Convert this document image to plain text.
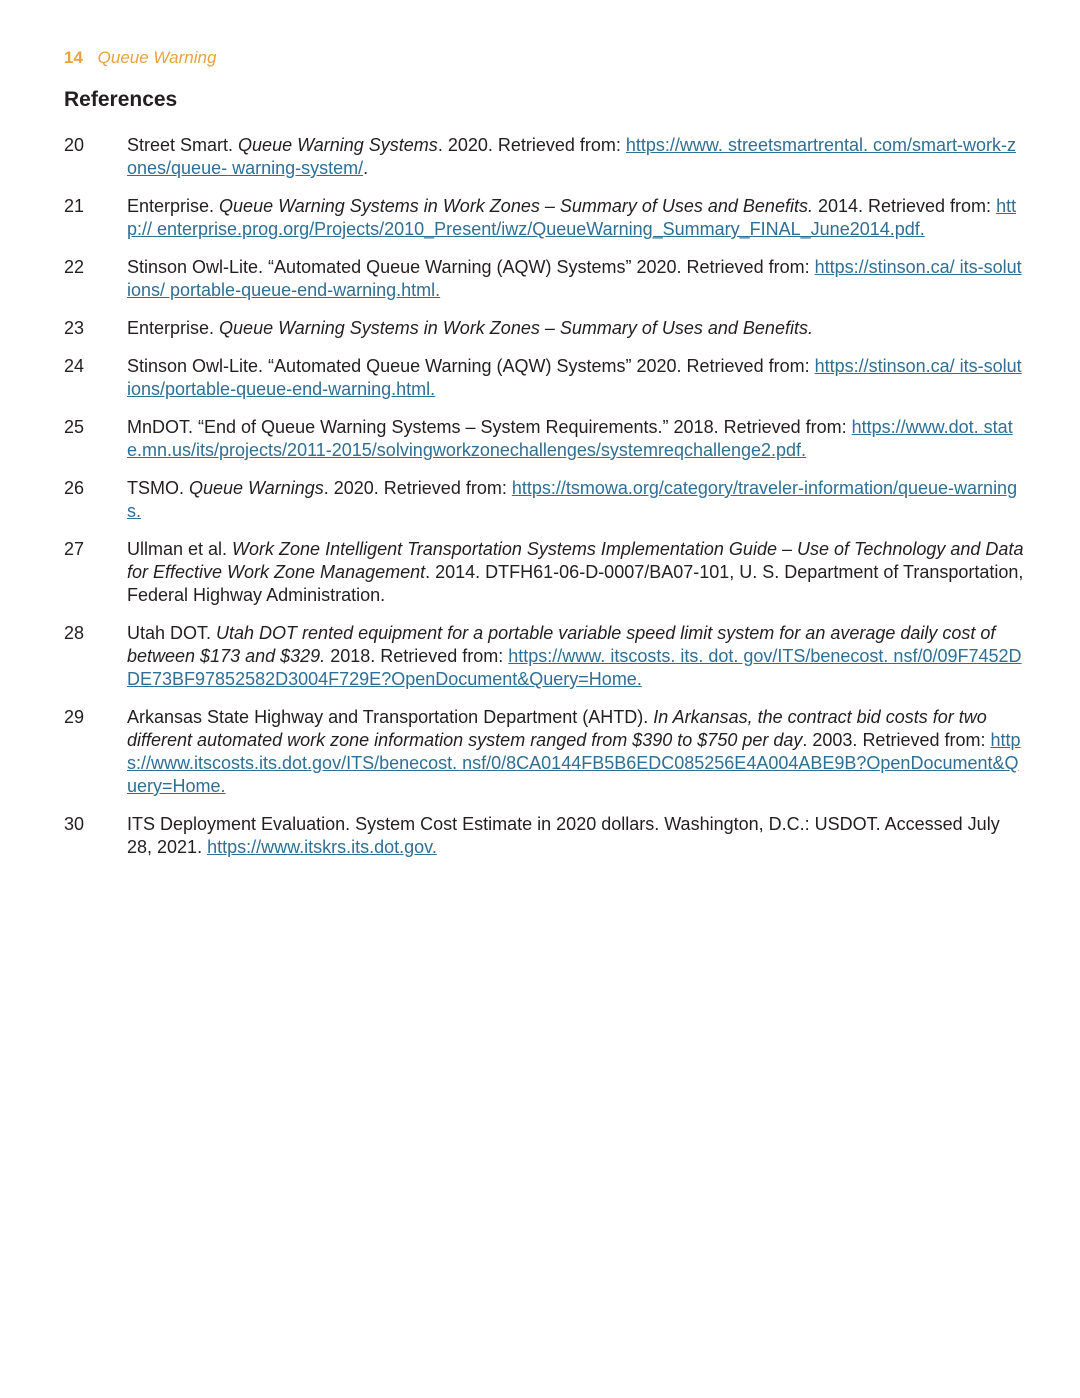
14 Queue Warning
References
20	Street Smart. Queue Warning Systems. 2020. Retrieved from: https://www. streetsmartrental. com/smart-work-zones/queue- warning-system/.
21	Enterprise. Queue Warning Systems in Work Zones – Summary of Uses and Benefits. 2014. Retrieved from: http:// enterprise.prog.org/Projects/2010_Present/iwz/QueueWarning_Summary_FINAL_June2014.pdf.
22	Stinson Owl-Lite. “Automated Queue Warning (AQW) Systems” 2020. Retrieved from: https://stinson.ca/ its-solutions/ portable-queue-end-warning.html.
23	Enterprise. Queue Warning Systems in Work Zones – Summary of Uses and Benefits.
24	Stinson Owl-Lite. “Automated Queue Warning (AQW) Systems” 2020. Retrieved from: https://stinson.ca/ its-solutions/portable-queue-end-warning.html.
25	MnDOT. “End of Queue Warning Systems – System Requirements.” 2018. Retrieved from: https://www.dot. state.mn.us/its/projects/2011-2015/solvingworkzonechallenges/systemreqchallenge2.pdf.
26	TSMO. Queue Warnings. 2020. Retrieved from: https://tsmowa.org/category/traveler-information/queue-warnings.
27	Ullman et al. Work Zone Intelligent Transportation Systems Implementation Guide – Use of Technology and Data for Effective Work Zone Management. 2014. DTFH61-06-D-0007/BA07-101, U. S. Department of Transportation, Federal Highway Administration.
28	Utah DOT. Utah DOT rented equipment for a portable variable speed limit system for an average daily cost of between $173 and $329. 2018. Retrieved from: https://www. itscosts. its. dot. gov/ITS/benecost. nsf/0/09F7452DDE73BF97852582D3004F729E?OpenDocument&Query=Home.
29	Arkansas State Highway and Transportation Department (AHTD). In Arkansas, the contract bid costs for two different automated work zone information system ranged from $390 to $750 per day. 2003. Retrieved from: https://www.itscosts.its.dot.gov/ITS/benecost. nsf/0/8CA0144FB5B6EDC085256E4A004ABE9B?OpenDocument&Query=Home.
30	ITS Deployment Evaluation. System Cost Estimate in 2020 dollars. Washington, D.C.: USDOT. Accessed July 28, 2021. https://www.itskrs.its.dot.gov.
